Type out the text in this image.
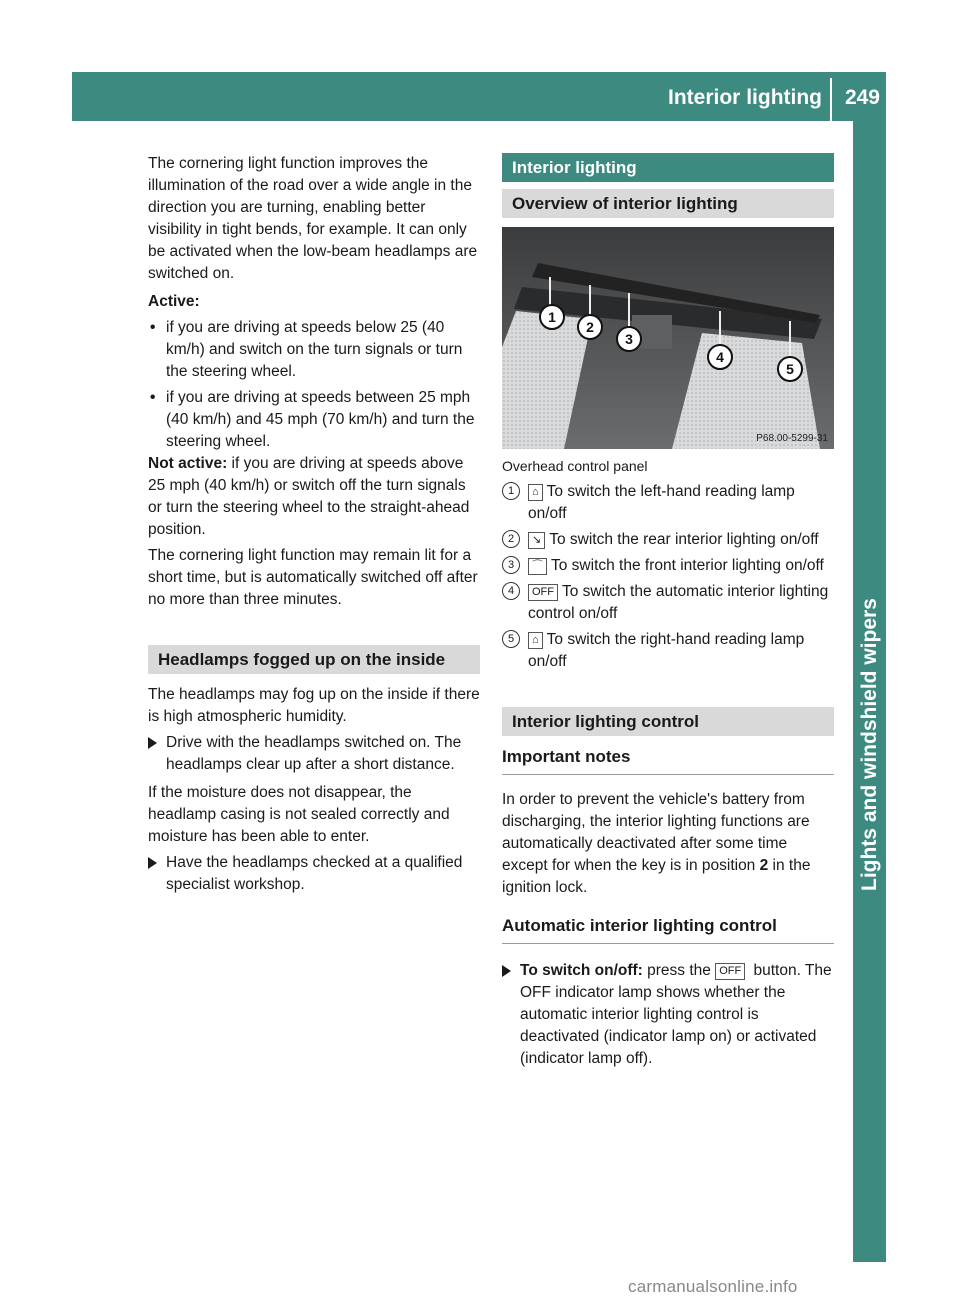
Interior lighting 249
Lights and windshield wipers

The cornering light function improves the illumination of the road over a wide angle in the direction you are turning, enabling better visibility in tight bends, for example. It can only be activated when the low-beam headlamps are switched on.

Active:

• if you are driving at speeds below 25 (40 km/h) and switch on the turn signals or turn the steering wheel.
• if you are driving at speeds between 25 mph (40 km/h) and 45 mph (70 km/h) and turn the steering wheel.

Not active: if you are driving at speeds above 25 mph (40 km/h) or switch off the turn signals or turn the steering wheel to the straight-ahead position.

The cornering light function may remain lit for a short time, but is automatically switched off after no more than three minutes.

Headlamps fogged up on the inside

The headlamps may fog up on the inside if there is high atmospheric humidity.

Drive with the headlamps switched on. The headlamps clear up after a short distance.

If the moisture does not disappear, the headlamp casing is not sealed correctly and moisture has been able to enter.

Have the headlamps checked at a qualified specialist workshop.
Interior lighting
Overview of interior lighting
1
2
3
4
5
P68.00-5299-31

Overhead control panel

1	⌂ To switch the left-hand reading lamp on/off
2	↘ To switch the rear interior lighting on/off
3	⌒ To switch the front interior lighting on/off
4	OFF To switch the automatic interior lighting control on/off
5	⌂ To switch the right-hand reading lamp on/off
Interior lighting control
Important notes

In order to prevent the vehicle's battery from discharging, the interior lighting functions are automatically deactivated after some time except for when the key is in position 2 in the ignition lock.

Automatic interior lighting control
To switch on/off: press the OFF button. The OFF indicator lamp shows whether the automatic interior lighting control is deactivated (indicator lamp on) or activated (indicator lamp off).
carmanualsonline.info
